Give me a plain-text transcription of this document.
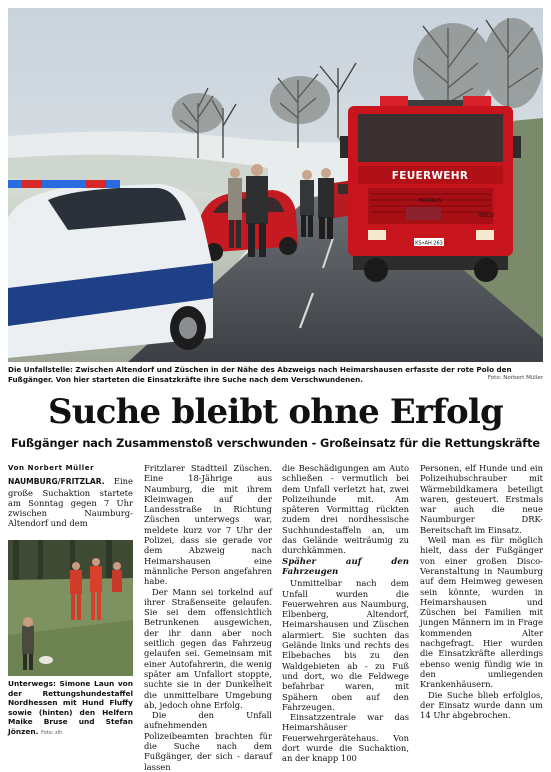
POLIZEI
FEUERWEHR
MAGIRUS
IVECO
KS•AH 263
Die Unfallstelle: Zwischen Altendorf und Züschen in der Nähe des Abzweigs nach Heimarshausen erfasste der rote Polo den Fußgänger. Von hier starteten die Einsatzkräfte ihre Suche nach dem Verschwundenen.	Foto: Norbert Müller
Suche bleibt ohne Erfolg
Fußgänger nach Zusammenstoß verschwunden - Großeinsatz für die Rettungskräfte
Von Norbert Müller

NAUMBURG/FRITZLAR. Eine große Suchaktion startete am Sonntag gegen 7 Uhr zwischen Naumburg-Altendorf und dem

Unterwegs: Simone Laun von der Rettungshundestaffel Nordhessen mit Hund Fluffy sowie (hinten) den Helfern Maike Bruse und Stefan Jönzen. Foto: zih

Fritzlarer Stadtteil Züschen. Eine 18-Jährige aus Naumburg, die mit ihrem Kleinwagen auf der Landesstraße in Richtung Züschen unterwegs war, meldete kurz vor 7 Uhr der Polizei, dass sie gerade vor dem Abzweig nach Heimarshausen eine männliche Person angefahren habe.

Der Mann sei torkelnd auf ihrer Straßenseite gelaufen. Sie sei dem offensichtlich Betrunkenen ausgewichen, der ihr dann aber noch seitlich gegen das Fahrzeug gelaufen sei. Gemeinsam mit einer Autofahrerin, die wenig später am Unfallort stoppte, suchte sie in der Dunkelheit die unmittelbare Umgebung ab, jedoch ohne Erfolg.

Die den Unfall aufnehmenden Polizeibeamten brachten für die Suche nach dem Fußgänger, der sich - darauf lassen

die Beschädigungen am Auto schließen - vermutlich bei dem Unfall verletzt hat, zwei Polizeihunde mit. Am späteren Vormittag rückten zudem drei nordhessische Suchhundestaffeln an, um das Gelände weiträumig zu durchkämmen.

Späher auf den Fahrzeugen

Unmittelbar nach dem Unfall wurden die Feuerwehren aus Naumburg, Elbenberg, Altendorf, Heimarshausen und Züschen alarmiert. Sie suchten das Gelände links und rechts des Elbebaches bis zu den Waldgebieten ab - zu Fuß und dort, wo die Feldwege befahrbar waren, mit Spähern oben auf den Fahrzeugen.

Einsatzzentrale war das Heimarshäuser Feuerwehrgerätehaus. Von dort wurde die Suchaktion, an der knapp 100

Personen, elf Hunde und ein Polizeihubschrauber mit Wärmebildkamera beteiligt waren, gesteuert. Erstmals war auch die neue Naumburger DRK-Bereitschaft im Einsatz.

Weil man es für möglich hielt, dass der Fußgänger von einer großen Disco-Veranstaltung in Naumburg auf dem Heimweg gewesen sein könnte, wurden in Heimarshausen und Züschen bei Familien mit jungen Männern im in Frage kommenden Alter nachgefragt. Hier wurden die Einsatzkräfte allerdings ebenso wenig fündig wie in den umliegenden Krankenhäusern.

Die Suche blieb erfolglos, der Einsatz wurde dann um 14 Uhr abgebrochen.
